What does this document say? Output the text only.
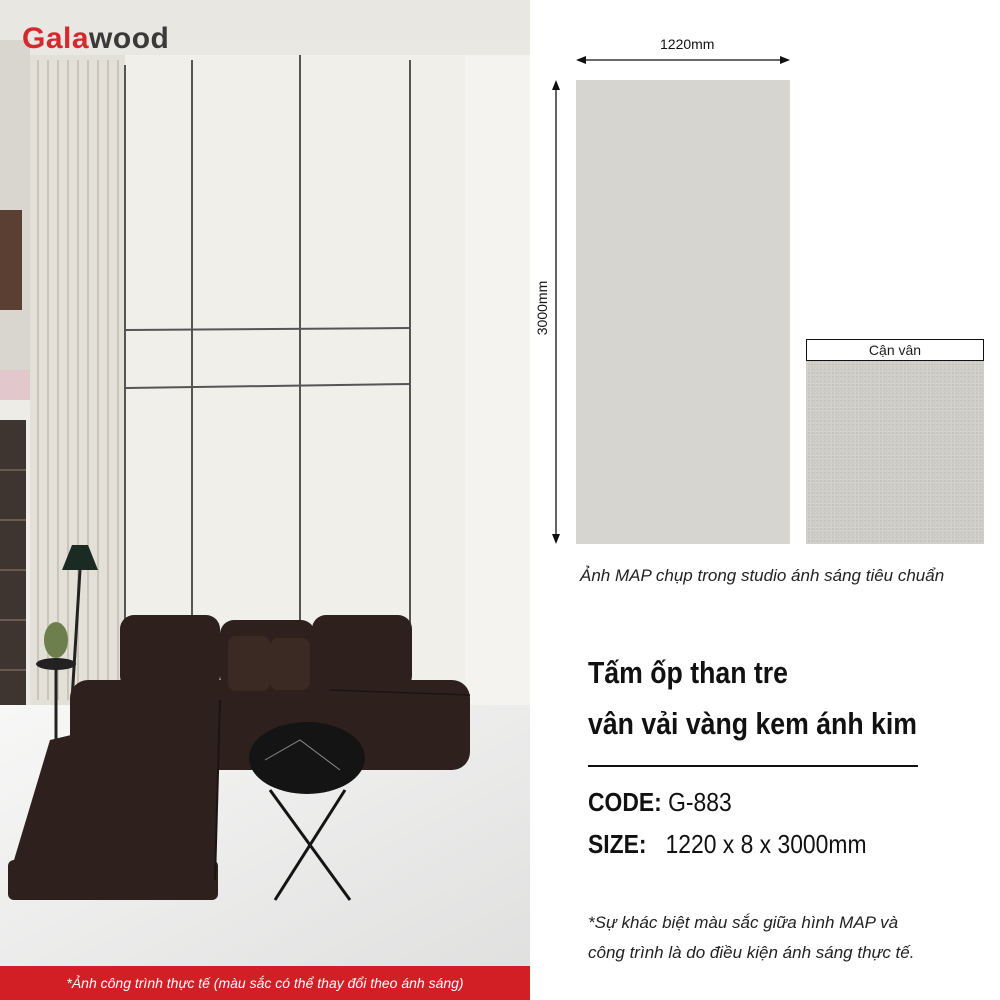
Galawood
*Ảnh công trình thực tế (màu sắc có thể thay đổi theo ánh sáng)
1220mm
3000mm
Cận vân
Ảnh MAP chụp trong studio ánh sáng tiêu chuẩn
Tấm ốp than tre
vân vải vàng kem ánh kim
CODE: G-883
SIZE: 1220 x 8 x 3000mm
*Sự khác biệt màu sắc giữa hình MAP và
công trình là do điều kiện ánh sáng thực tế.
